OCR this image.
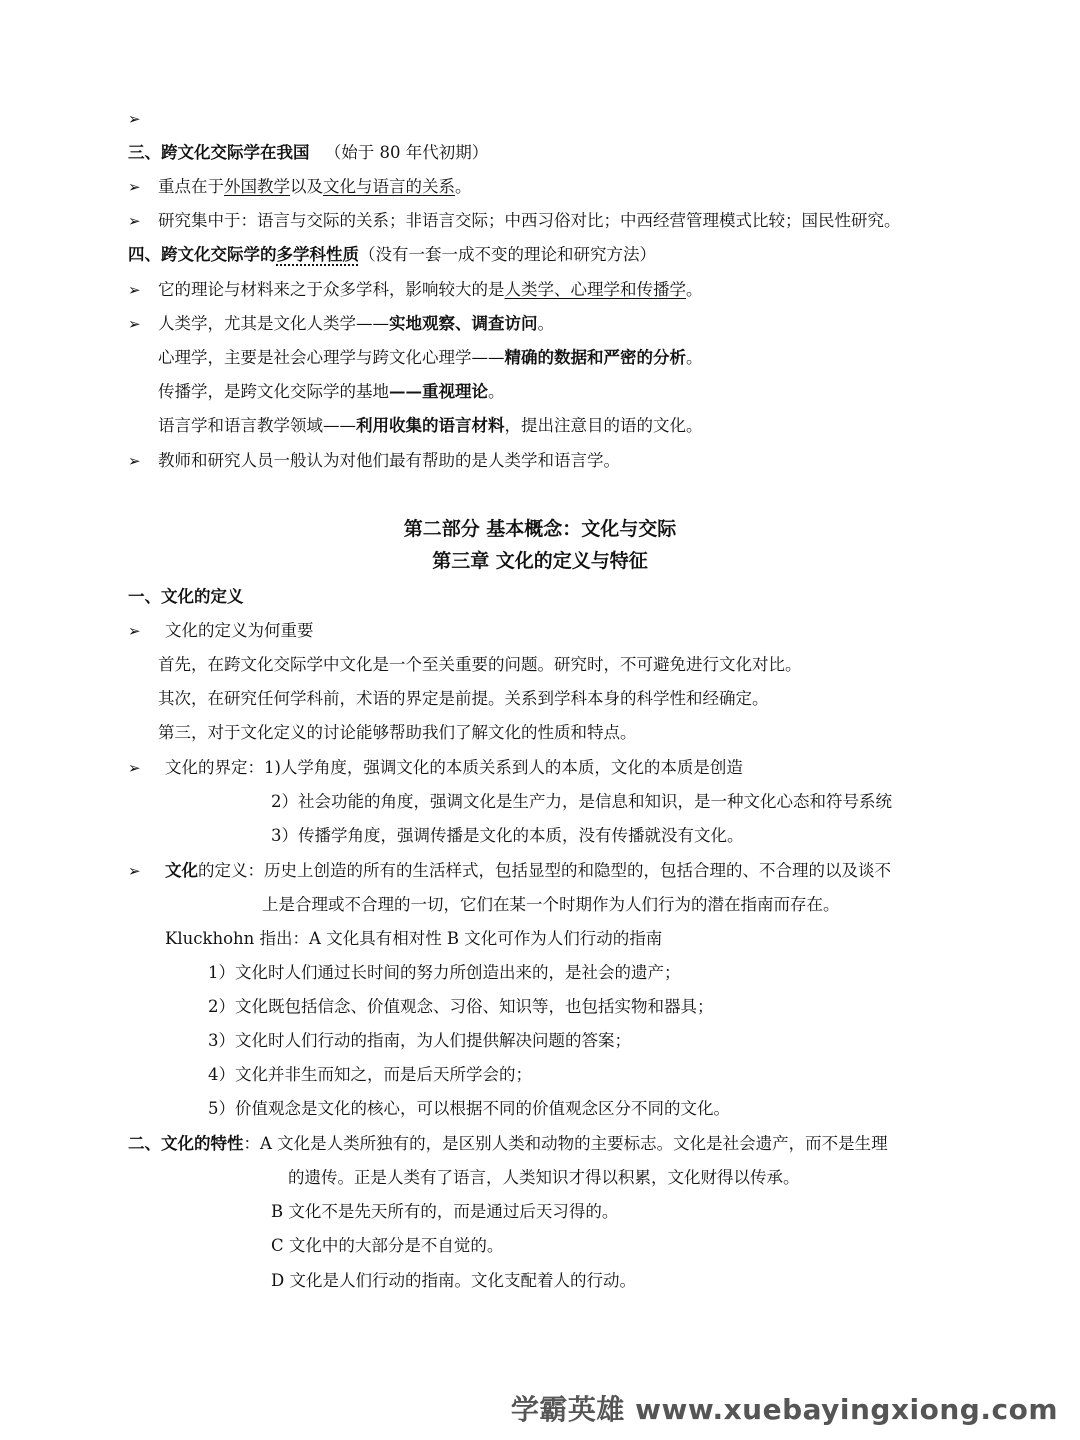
➢
三、跨文化交际学在我国 （始于 80 年代初期）
➢ 重点在于外国教学以及文化与语言的关系。
➢ 研究集中于：语言与交际的关系；非语言交际；中西习俗对比；中西经营管理模式比较；国民性研究。
四、跨文化交际学的多学科性质（没有一套一成不变的理论和研究方法）
➢ 它的理论与材料来之于众多学科，影响较大的是人类学、心理学和传播学。
➢ 人类学，尤其是文化人类学——实地观察、调查访问。
心理学，主要是社会心理学与跨文化心理学——精确的数据和严密的分析。
传播学，是跨文化交际学的基地——重视理论。
语言学和语言教学领域——利用收集的语言材料，提出注意目的语的文化。
➢ 教师和研究人员一般认为对他们最有帮助的是人类学和语言学。
第二部分 基本概念：文化与交际
第三章 文化的定义与特征
一、文化的定义
➢ 文化的定义为何重要
首先，在跨文化交际学中文化是一个至关重要的问题。研究时，不可避免进行文化对比。
其次，在研究任何学科前，术语的界定是前提。关系到学科本身的科学性和经确定。
第三，对于文化定义的讨论能够帮助我们了解文化的性质和特点。
➢ 文化的界定：1)人学角度，强调文化的本质关系到人的本质，文化的本质是创造
2）社会功能的角度，强调文化是生产力，是信息和知识，是一种文化心态和符号系统
3）传播学角度，强调传播是文化的本质，没有传播就没有文化。
➢ 文化的定义：历史上创造的所有的生活样式，包括显型的和隐型的，包括合理的、不合理的以及谈不
上是合理或不合理的一切，它们在某一个时期作为人们行为的潜在指南而存在。
Kluckhohn 指出：A 文化具有相对性 B 文化可作为人们行动的指南
1）文化时人们通过长时间的努力所创造出来的，是社会的遗产；
2）文化既包括信念、价值观念、习俗、知识等，也包括实物和器具；
3）文化时人们行动的指南，为人们提供解决问题的答案；
4）文化并非生而知之，而是后天所学会的；
5）价值观念是文化的核心，可以根据不同的价值观念区分不同的文化。
二、文化的特性：A 文化是人类所独有的，是区别人类和动物的主要标志。文化是社会遗产，而不是生理
的遗传。正是人类有了语言，人类知识才得以积累，文化财得以传承。
B 文化不是先天所有的，而是通过后天习得的。
C 文化中的大部分是不自觉的。
D 文化是人们行动的指南。文化支配着人的行动。
学霸英雄 www.xuebayingxiong.com
